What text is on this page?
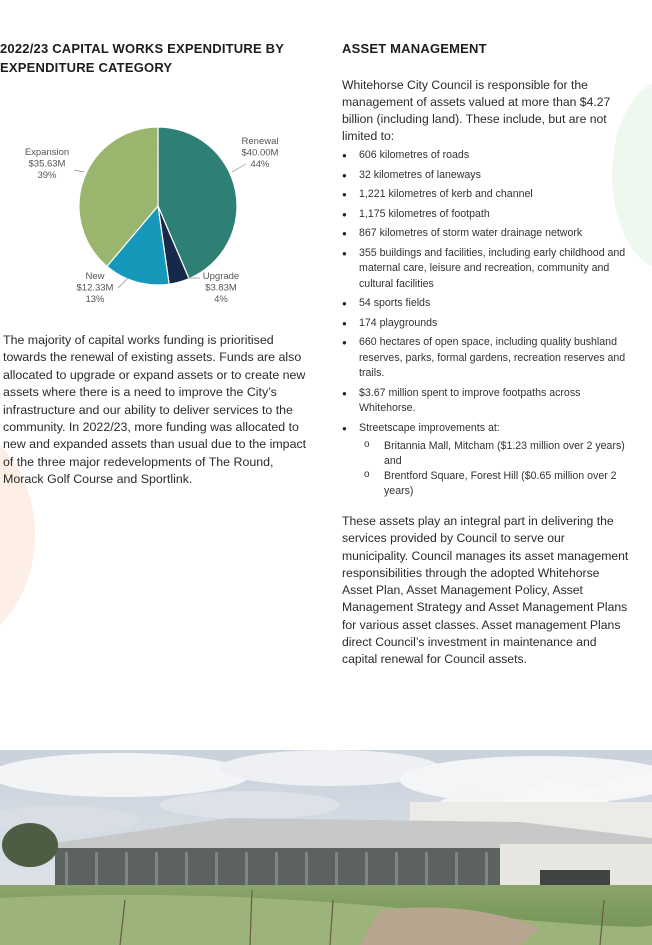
2022/23 CAPITAL WORKS EXPENDITURE BY EXPENDITURE CATEGORY
Renewal
$40.00M
44%
Upgrade
$3.83M
4%
New
$12.33M
13%
Expansion
$35.63M
39%

The majority of capital works funding is prioritised towards the renewal of existing assets. Funds are also allocated to upgrade or expand assets or to create new assets where there is a need to improve the City’s infrastructure and our ability to deliver services to the community. In 2022/23, more funding was allocated to new and expanded assets than usual due to the impact of the three major redevelopments of The Round, Morack Golf Course and Sportlink.

ASSET MANAGEMENT

Whitehorse City Council is responsible for the management of assets valued at more than $4.27 billion (including land). These include, but are not limited to:

● 606 kilometres of roads
● 32 kilometres of laneways
● 1,221 kilometres of kerb and channel
● 1,175 kilometres of footpath
● 867 kilometres of storm water drainage network
● 355 buildings and facilities, including early childhood and maternal care, leisure and recreation, community and cultural facilities
● 54 sports fields
● 174 playgrounds
● 660 hectares of open space, including quality bushland reserves, parks, formal gardens, recreation reserves and trails.
● $3.67 million spent to improve footpaths across Whitehorse.
● Streetscape improvements at:
o Britannia Mall, Mitcham ($1.23 million over 2 years) and
o Brentford Square, Forest Hill ($0.65 million over 2 years)

These assets play an integral part in delivering the services provided by Council to serve our municipality. Council manages its asset management responsibilities through the adopted Whitehorse Asset Plan, Asset Management Policy, Asset Management Strategy and Asset Management Plans for various asset classes. Asset management Plans direct Council’s investment in maintenance and capital renewal for Council assets.
